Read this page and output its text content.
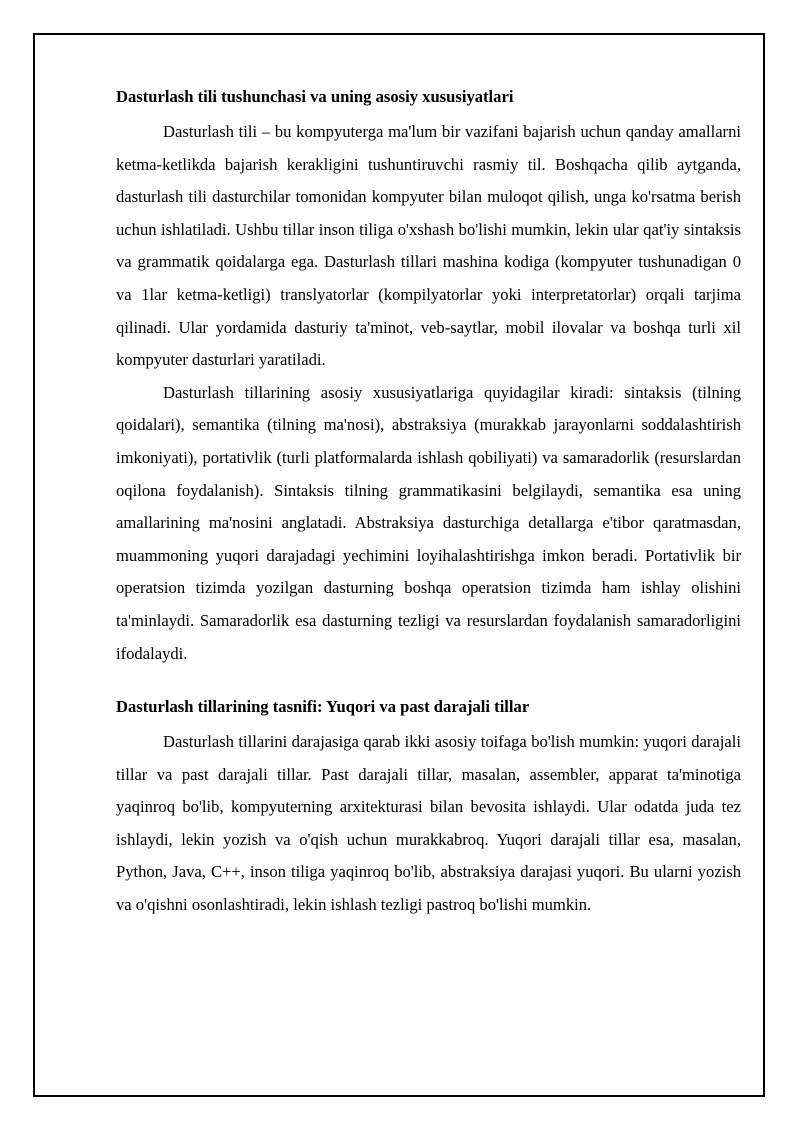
Dasturlash tili tushunchasi va uning asosiy xususiyatlari

Dasturlash tili – bu kompyuterga ma'lum bir vazifani bajarish uchun qanday amallarni ketma-ketlikda bajarish kerakligini tushuntiruvchi rasmiy til. Boshqacha qilib aytganda, dasturlash tili dasturchilar tomonidan kompyuter bilan muloqot qilish, unga ko'rsatma berish uchun ishlatiladi. Ushbu tillar inson tiliga o'xshash bo'lishi mumkin, lekin ular qat'iy sintaksis va grammatik qoidalarga ega. Dasturlash tillari mashina kodiga (kompyuter tushunadigan 0 va 1lar ketma-ketligi) translyatorlar (kompilyatorlar yoki interpretatorlar) orqali tarjima qilinadi. Ular yordamida dasturiy ta'minot, veb-saytlar, mobil ilovalar va boshqa turli xil kompyuter dasturlari yaratiladi.

Dasturlash tillarining asosiy xususiyatlariga quyidagilar kiradi: sintaksis (tilning qoidalari), semantika (tilning ma'nosi), abstraksiya (murakkab jarayonlarni soddalashtirish imkoniyati), portativlik (turli platformalarda ishlash qobiliyati) va samaradorlik (resurslardan oqilona foydalanish). Sintaksis tilning grammatikasini belgilaydi, semantika esa uning amallarining ma'nosini anglatadi. Abstraksiya dasturchiga detallarga e'tibor qaratmasdan, muammoning yuqori darajadagi yechimini loyihalashtirishga imkon beradi. Portativlik bir operatsion tizimda yozilgan dasturning boshqa operatsion tizimda ham ishlay olishini ta'minlaydi. Samaradorlik esa dasturning tezligi va resurslardan foydalanish samaradorligini ifodalaydi.

Dasturlash tillarining tasnifi: Yuqori va past darajali tillar

Dasturlash tillarini darajasiga qarab ikki asosiy toifaga bo'lish mumkin: yuqori darajali tillar va past darajali tillar. Past darajali tillar, masalan, assembler, apparat ta'minotiga yaqinroq bo'lib, kompyuterning arxitekturasi bilan bevosita ishlaydi. Ular odatda juda tez ishlaydi, lekin yozish va o'qish uchun murakkabroq. Yuqori darajali tillar esa, masalan, Python, Java, C++, inson tiliga yaqinroq bo'lib, abstraksiya darajasi yuqori. Bu ularni yozish va o'qishni osonlashtiradi, lekin ishlash tezligi pastroq bo'lishi mumkin.
